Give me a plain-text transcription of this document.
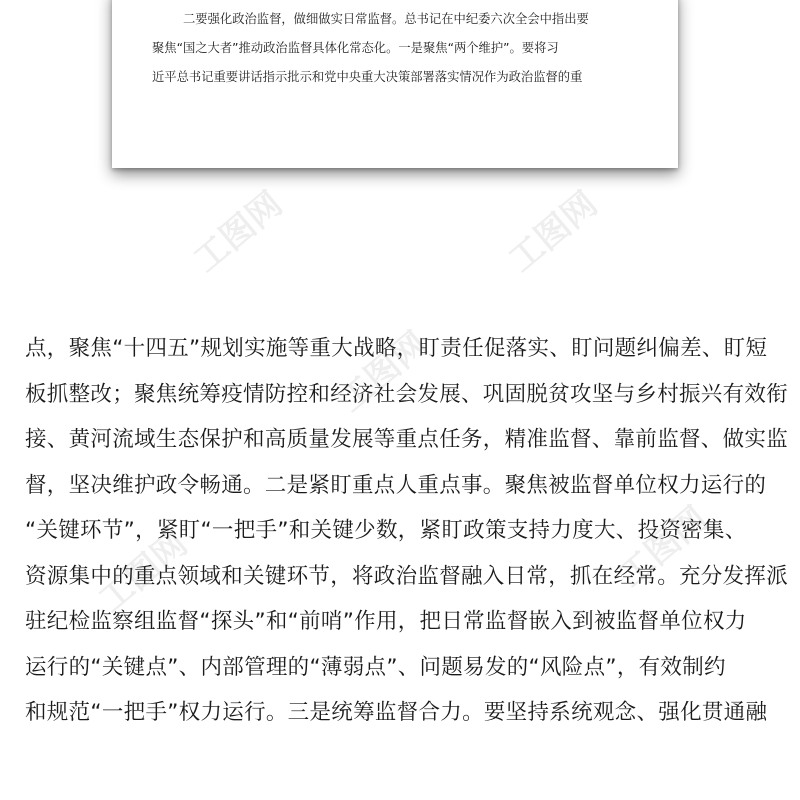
二要强化政治监督，做细做实日常监督。总书记在中纪委六次全会中指出要
聚焦“国之大者”推动政治监督具体化常态化。一是聚焦“两个维护”。要将习
近平总书记重要讲话指示批示和党中央重大决策部署落实情况作为政治监督的重
工图网	工图网
工图网
工图网	工图网
点，聚焦“十四五”规划实施等重大战略，盯责任促落实、盯问题纠偏差、盯短
板抓整改；聚焦统筹疫情防控和经济社会发展、巩固脱贫攻坚与乡村振兴有效衔
接、黄河流域生态保护和高质量发展等重点任务，精准监督、靠前监督、做实监
督，坚决维护政令畅通。二是紧盯重点人重点事。聚焦被监督单位权力运行的
“关键环节”，紧盯“一把手”和关键少数，紧盯政策支持力度大、投资密集、
资源集中的重点领域和关键环节，将政治监督融入日常，抓在经常。充分发挥派
驻纪检监察组监督“探头”和“前哨”作用，把日常监督嵌入到被监督单位权力
运行的“关键点”、内部管理的“薄弱点”、问题易发的“风险点”，有效制约
和规范“一把手”权力运行。三是统筹监督合力。要坚持系统观念、强化贯通融
